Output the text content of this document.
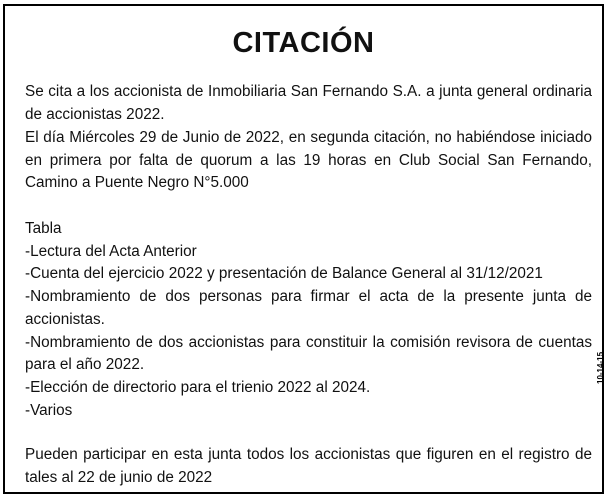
CITACIÓN

Se cita a los accionista de Inmobiliaria San Fernando S.A. a junta general ordinaria de accionistas 2022.

El día Miércoles 29 de Junio de 2022, en segunda citación, no habiéndose iniciado en primera por falta de quorum a las 19 horas en Club Social San Fernando, Camino a Puente Negro N°5.000

Tabla
-Lectura del Acta Anterior
-Cuenta del ejercicio 2022 y presentación de Balance General al 31/12/2021
-Nombramiento de dos personas para firmar el acta de la presente junta de accionistas.
-Nombramiento de dos accionistas para constituir la comisión revisora de cuentas para el año 2022.
-Elección de directorio para el trienio 2022 al 2024.
-Varios

Pueden participar en esta junta todos los accionistas que figuren en el registro de tales al 22 de junio de 2022

10-14-15
